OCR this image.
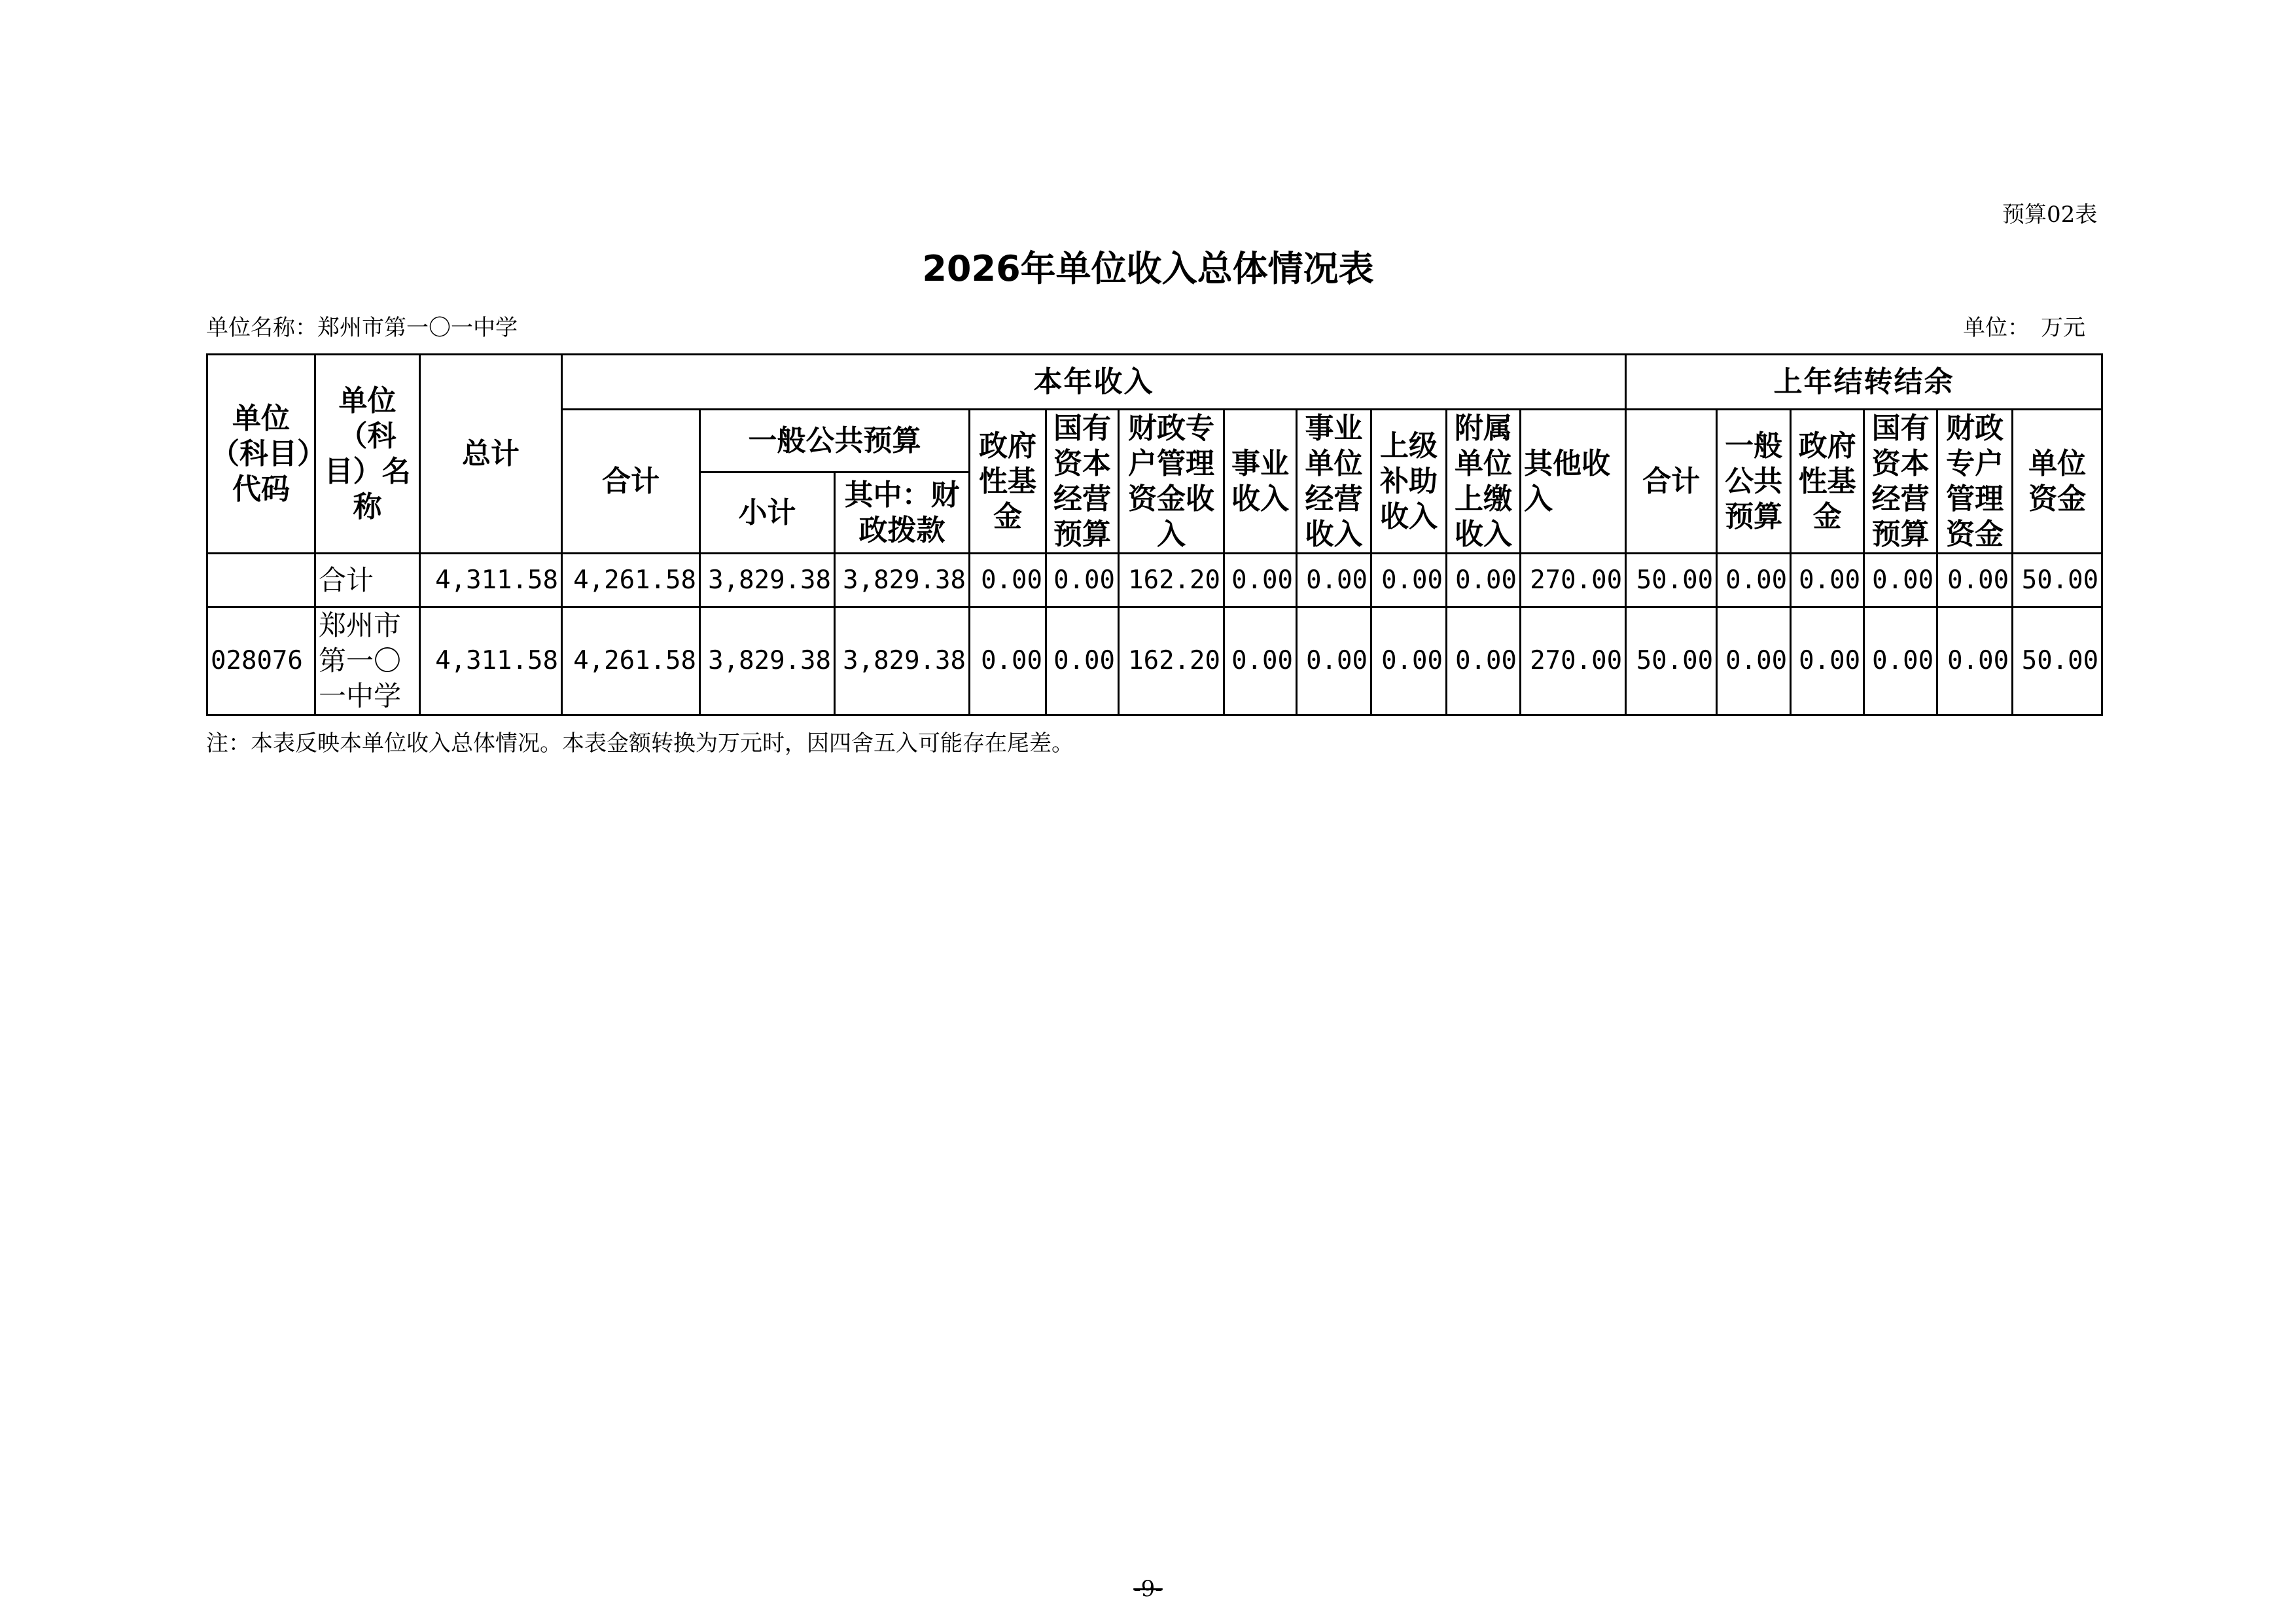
预算02表
2026年单位收入总体情况表
单位名称：郑州市第一〇一中学	单位：　万元
单位（科目）代码	单位（科目）名称	总计	本年收入											上年结转结余					
			合计	一般公共预算		政府性基金	国有资本经营预算	财政专户管理资金收入	事业收入	事业单位经营收入	上级补助收入	附属单位上缴收入	其他收入	合计	一般公共预算	政府性基金	国有资本经营预算	财政专户管理资金	单位资金
				小计	其中：财政拨款														
	合计	4,311.58	4,261.58	3,829.38	3,829.38	0.00	0.00	162.20	0.00	0.00	0.00	0.00	270.00	50.00	0.00	0.00	0.00	0.00	50.00
028076	郑州市第一〇一中学	4,311.58	4,261.58	3,829.38	3,829.38	0.00	0.00	162.20	0.00	0.00	0.00	0.00	270.00	50.00	0.00	0.00	0.00	0.00	50.00
注：本表反映本单位收入总体情况。本表金额转换为万元时，因四舍五入可能存在尾差。
-9-
